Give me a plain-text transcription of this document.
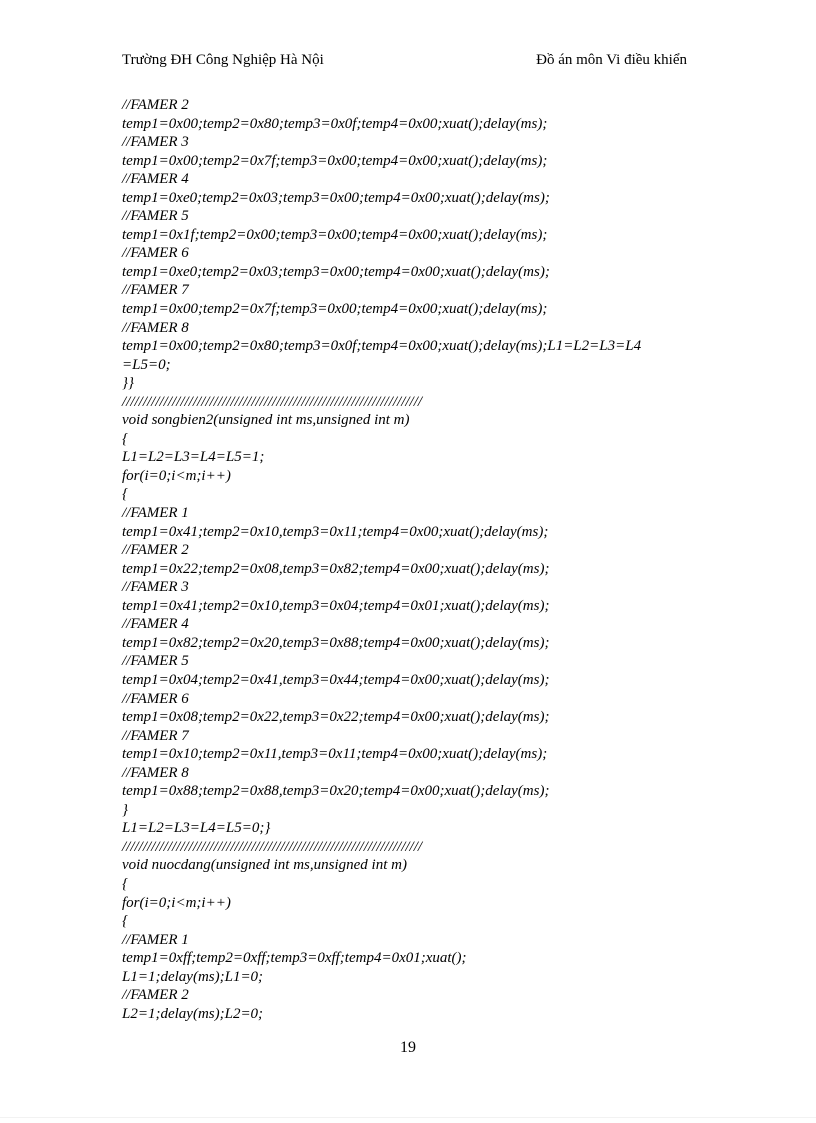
Trường ĐH Công Nghiệp Hà Nội	Đồ án môn Vi điều khiển
//FAMER 2
temp1=0x00;temp2=0x80;temp3=0x0f;temp4=0x00;xuat();delay(ms);
//FAMER 3
temp1=0x00;temp2=0x7f;temp3=0x00;temp4=0x00;xuat();delay(ms);
//FAMER 4
temp1=0xe0;temp2=0x03;temp3=0x00;temp4=0x00;xuat();delay(ms);
//FAMER 5
temp1=0x1f;temp2=0x00;temp3=0x00;temp4=0x00;xuat();delay(ms);
//FAMER 6
temp1=0xe0;temp2=0x03;temp3=0x00;temp4=0x00;xuat();delay(ms);
//FAMER 7
temp1=0x00;temp2=0x7f;temp3=0x00;temp4=0x00;xuat();delay(ms);
//FAMER 8
temp1=0x00;temp2=0x80;temp3=0x0f;temp4=0x00;xuat();delay(ms);L1=L2=L3=L4
=L5=0;
}}
////////////////////////////////////////////////////////////////////////
void songbien2(unsigned int ms,unsigned int m)
{
L1=L2=L3=L4=L5=1;
for(i=0;i<m;i++)
{
//FAMER 1
temp1=0x41;temp2=0x10,temp3=0x11;temp4=0x00;xuat();delay(ms);
//FAMER 2
temp1=0x22;temp2=0x08,temp3=0x82;temp4=0x00;xuat();delay(ms);
//FAMER 3
temp1=0x41;temp2=0x10,temp3=0x04;temp4=0x01;xuat();delay(ms);
//FAMER 4
temp1=0x82;temp2=0x20,temp3=0x88;temp4=0x00;xuat();delay(ms);
//FAMER 5
temp1=0x04;temp2=0x41,temp3=0x44;temp4=0x00;xuat();delay(ms);
//FAMER 6
temp1=0x08;temp2=0x22,temp3=0x22;temp4=0x00;xuat();delay(ms);
//FAMER 7
temp1=0x10;temp2=0x11,temp3=0x11;temp4=0x00;xuat();delay(ms);
//FAMER 8
temp1=0x88;temp2=0x88,temp3=0x20;temp4=0x00;xuat();delay(ms);
}
L1=L2=L3=L4=L5=0;}
////////////////////////////////////////////////////////////////////////
void nuocdang(unsigned int ms,unsigned int m)
{
for(i=0;i<m;i++)
{
//FAMER 1
temp1=0xff;temp2=0xff;temp3=0xff;temp4=0x01;xuat();
L1=1;delay(ms);L1=0;
//FAMER 2
L2=1;delay(ms);L2=0;
19
